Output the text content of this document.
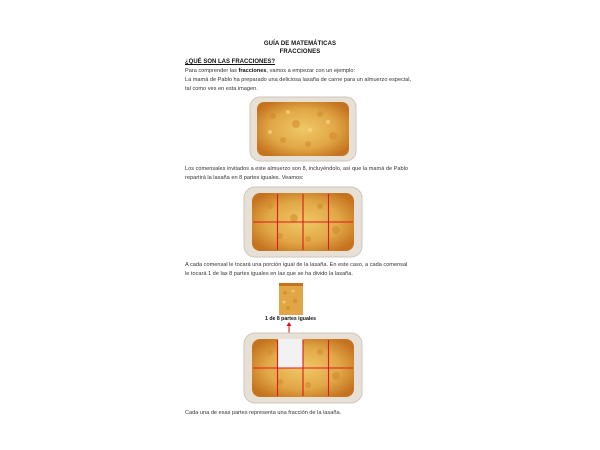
GUÍA DE MATEMÁTICAS
FRACCIONES
¿QUÉ SON LAS FRACCIONES?
Para comprender las fracciones, vamos a empezar con un ejemplo:
La mamá de Pablo ha preparado una deliciosa lasaña de carne para un almuerzo especial,
tal como ves en esta imagen.
Los comensales invitados a este almuerzo son 8, incluyéndolo, así que la mamá de Pablo
repartirá la lasaña en 8 partes iguales. Veamos:
A cada comensal le tocará una porción igual de la lasaña. En este caso, a cada comensal
le tocará 1 de las 8 partes iguales en las que se ha divido la lasaña.
1 de 8 partes iguales
Cada una de esas partes representa una fracción de la lasaña.
